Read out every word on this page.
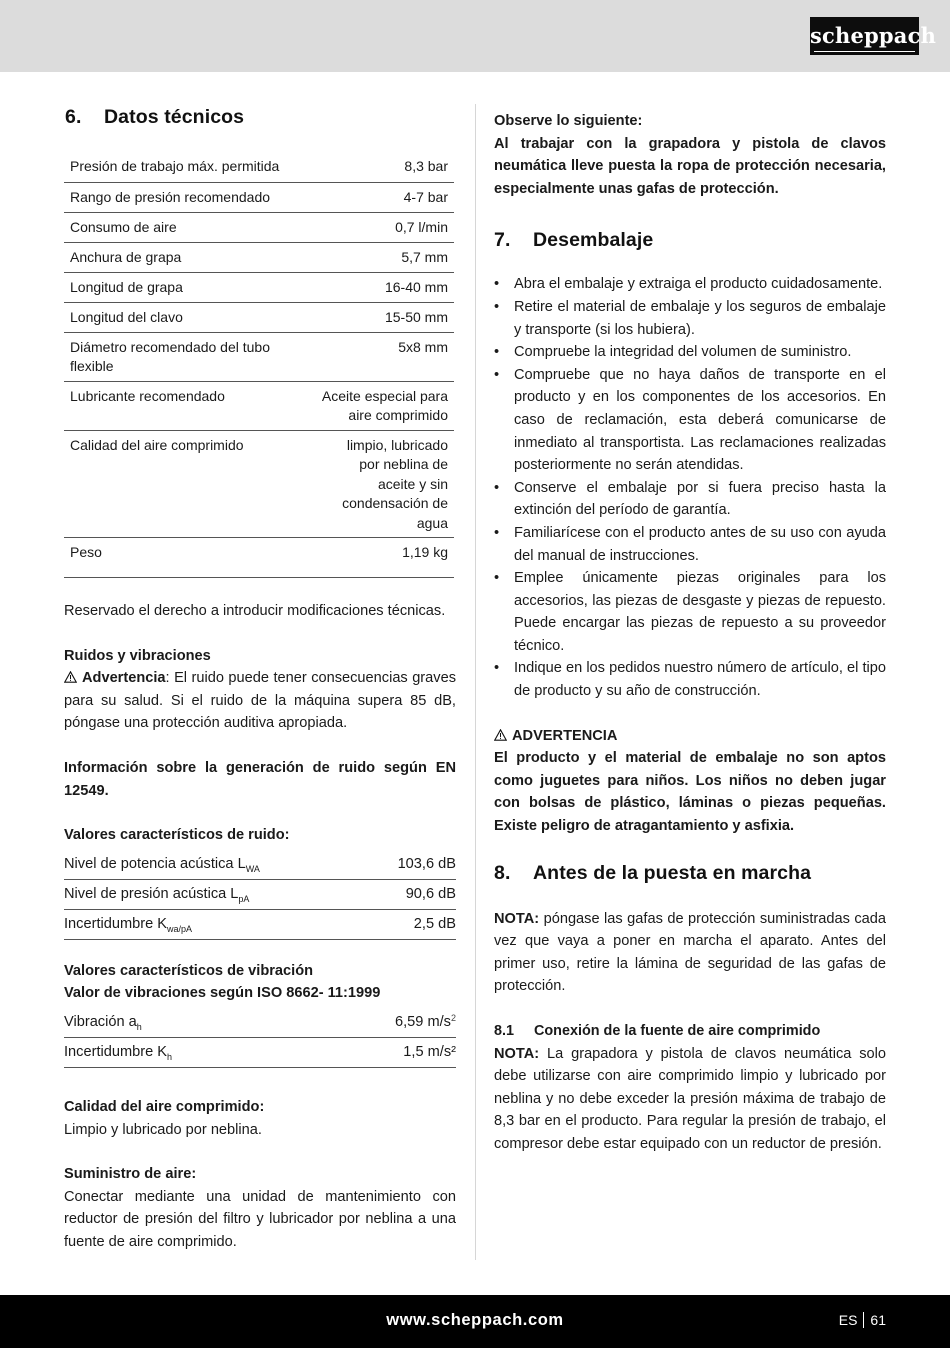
scheppach
6. Datos técnicos
Presión de trabajo máx. permitida	8,3 bar
Rango de presión recomendado	4-7 bar
Consumo de aire	0,7 l/min
Anchura de grapa	5,7 mm
Longitud de grapa	16-40 mm
Longitud del clavo	15-50 mm
Diámetro recomendado del tubo flexible	5x8 mm
Lubricante recomendado	Aceite especial para aire comprimido
Calidad del aire comprimido	limpio, lubricado por neblina de aceite y sin condensación de agua
Peso	1,19 kg

Reservado el derecho a introducir modificaciones técnicas.

Ruidos y vibraciones

Advertencia: El ruido puede tener consecuencias graves para su salud. Si el ruido de la máquina supera 85 dB, póngase una protección auditiva apropiada.

Información sobre la generación de ruido según EN 12549.

Valores característicos de ruido:
Nivel de potencia acústica $L_{WA}$	103,6 dB
Nivel de presión acústica $L_{pA}$	90,6 dB
Incertidumbre $K_{wa/pA}$	2,5 dB
Valores característicos de vibración
Valor de vibraciones según ISO 8662- 11:1999
Vibración $a_h$	6,59 $m/s^2$
Incertidumbre $K_h$	1,5 m/s²
Calidad del aire comprimido:

Limpio y lubricado por neblina.

Suministro de aire:

Conectar mediante una unidad de mantenimiento con reductor de presión del filtro y lubricador por neblina a una fuente de aire comprimido.

Observe lo siguiente:

Al trabajar con la grapadora y pistola de clavos neumática lleve puesta la ropa de protección necesaria, especialmente unas gafas de protección.

7. Desembalaje
• Abra el embalaje y extraiga el producto cuidadosamente.
• Retire el material de embalaje y los seguros de embalaje y transporte (si los hubiera).
• Compruebe la integridad del volumen de suministro.
• Compruebe que no haya daños de transporte en el producto y en los componentes de los accesorios. En caso de reclamación, esta deberá comunicarse de inmediato al transportista. Las reclamaciones realizadas posteriormente no serán atendidas.
• Conserve el embalaje por si fuera preciso hasta la extinción del período de garantía.
• Familiarícese con el producto antes de su uso con ayuda del manual de instrucciones.
• Emplee únicamente piezas originales para los accesorios, las piezas de desgaste y piezas de repuesto. Puede encargar las piezas de repuesto a su proveedor técnico.
• Indique en los pedidos nuestro número de artículo, el tipo de producto y su año de construcción.
ADVERTENCIA

El producto y el material de embalaje no son aptos como juguetes para niños. Los niños no deben jugar con bolsas de plástico, láminas o piezas pequeñas. Existe peligro de atragantamiento y asfixia.

8. Antes de la puesta en marcha

NOTA: póngase las gafas de protección suministradas cada vez que vaya a poner en marcha el aparato. Antes del primer uso, retire la lámina de seguridad de las gafas de protección.

8.1 Conexión de la fuente de aire comprimido

NOTA: La grapadora y pistola de clavos neumática solo debe utilizarse con aire comprimido limpio y lubricado por neblina y no debe exceder la presión máxima de trabajo de 8,3 bar en el producto. Para regular la presión de trabajo, el compresor debe estar equipado con un reductor de presión.

www.scheppach.com	ES 61
